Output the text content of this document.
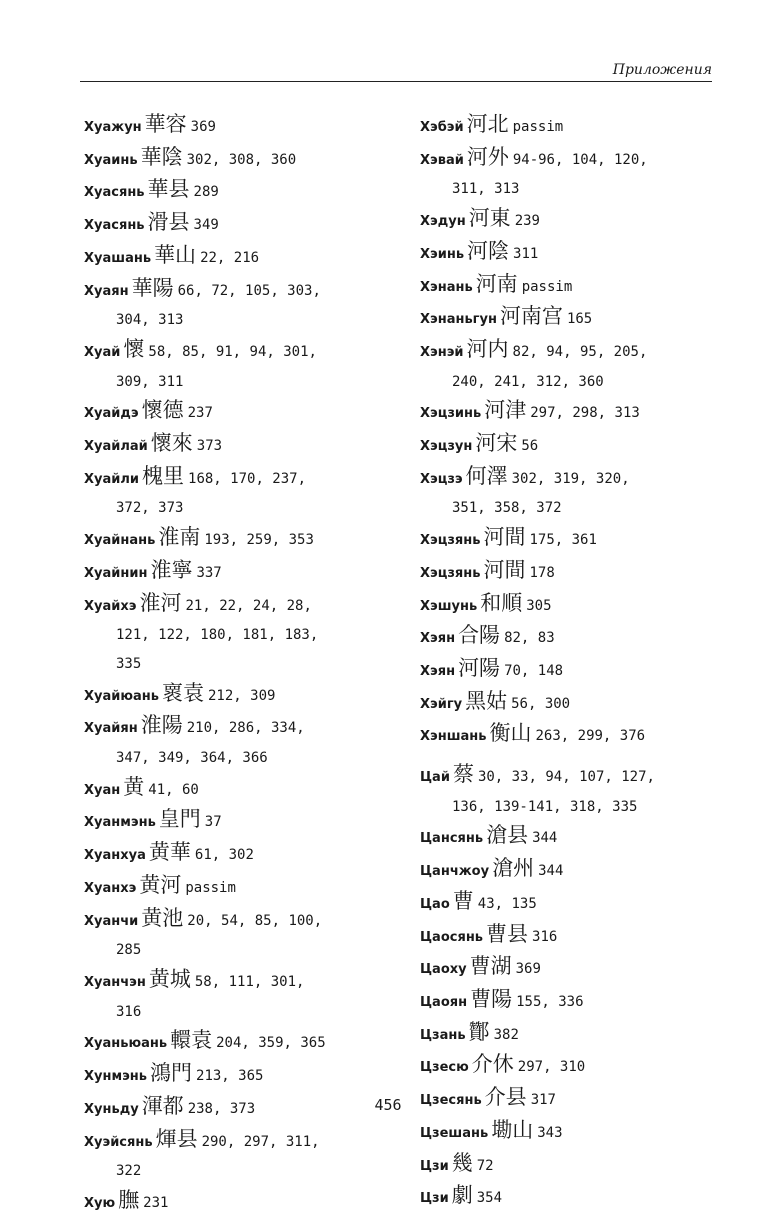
Приложения
Хуажун 華容 369
Хуаинь 華陰 302, 308, 360
Хуасянь 華县 289
Хуасянь 滑县 349
Хуашань 華山 22, 216
Хуаян 華陽 66, 72, 105, 303,
304, 313
Хуай 懷 58, 85, 91, 94, 301,
309, 311
Хуайдэ 懷德 237
Хуайлай 懷來 373
Хуайли 槐里 168, 170, 237,
372, 373
Хуайнань 淮南 193, 259, 353
Хуайнин 淮寧 337
Хуайхэ 淮河 21, 22, 24, 28,
121, 122, 180, 181, 183,
335
Хуайюань 褱袁 212, 309
Хуайян 淮陽 210, 286, 334,
347, 349, 364, 366
Хуан 黄 41, 60
Хуанмэнь 皇門 37
Хуанхуа 黄華 61, 302
Хуанхэ 黄河 passim
Хуанчи 黄池 20, 54, 85, 100,
285
Хуанчэн 黄城 58, 111, 301,
316
Хуаньюань 轘袁 204, 359, 365
Хунмэнь 鴻門 213, 365
Хуньду 渾都 238, 373
Хуэйсянь 煇县 290, 297, 311,
322
Хую 膴 231
Хэбэй 河北 passim
Хэвай 河外 94-96, 104, 120,
311, 313
Хэдун 河東 239
Хэинь 河陰 311
Хэнань 河南 passim
Хэнаньгун 河南宫 165
Хэнэй 河内 82, 94, 95, 205,
240, 241, 312, 360
Хэцзинь 河津 297, 298, 313
Хэцзун 河宋 56
Хэцзэ 何澤 302, 319, 320,
351, 358, 372
Хэцзянь 河間 175, 361
Хэцзянь 河間 178
Хэшунь 和順 305
Хэян 合陽 82, 83
Хэян 河陽 70, 148
Хэйгу 黑姑 56, 300
Хэншань 衡山 263, 299, 376
Цай 蔡 30, 33, 94, 107, 127,
136, 139-141, 318, 335
Цансянь 滄县 344
Цанчжоу 滄州 344
Цао 曹 43, 135
Цаосянь 曹县 316
Цаоху 曹湖 369
Цаоян 曹陽 155, 336
Цзань 酇 382
Цзесю 介休 297, 310
Цзесянь 介县 317
Цзешань 墈山 343
Цзи 幾 72
Цзи 劇 354
456
